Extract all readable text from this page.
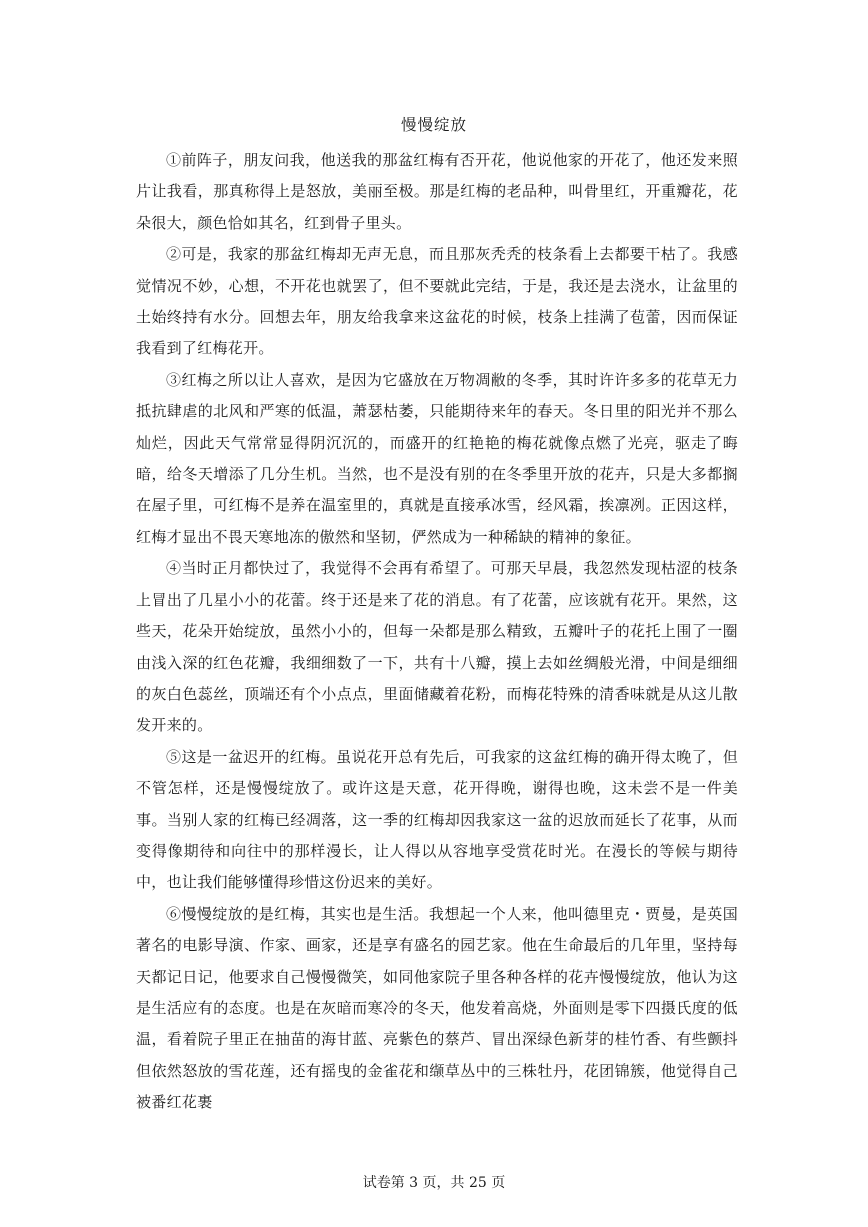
慢慢绽放

①前阵子，朋友问我，他送我的那盆红梅有否开花，他说他家的开花了，他还发来照片让我看，那真称得上是怒放，美丽至极。那是红梅的老品种，叫骨里红，开重瓣花，花朵很大，颜色恰如其名，红到骨子里头。

②可是，我家的那盆红梅却无声无息，而且那灰秃秃的枝条看上去都要干枯了。我感觉情况不妙，心想，不开花也就罢了，但不要就此完结，于是，我还是去浇水，让盆里的土始终持有水分。回想去年，朋友给我拿来这盆花的时候，枝条上挂满了苞蕾，因而保证我看到了红梅花开。

③红梅之所以让人喜欢，是因为它盛放在万物凋敝的冬季，其时许许多多的花草无力抵抗肆虐的北风和严寒的低温，萧瑟枯萎，只能期待来年的春天。冬日里的阳光并不那么灿烂，因此天气常常显得阴沉沉的，而盛开的红艳艳的梅花就像点燃了光亮，驱走了晦暗，给冬天增添了几分生机。当然，也不是没有别的在冬季里开放的花卉，只是大多都搁在屋子里，可红梅不是养在温室里的，真就是直接承冰雪，经风霜，挨凛冽。正因这样，红梅才显出不畏天寒地冻的傲然和坚韧，俨然成为一种稀缺的精神的象征。

④当时正月都快过了，我觉得不会再有希望了。可那天早晨，我忽然发现枯涩的枝条上冒出了几星小小的花蕾。终于还是来了花的消息。有了花蕾，应该就有花开。果然，这些天，花朵开始绽放，虽然小小的，但每一朵都是那么精致，五瓣叶子的花托上围了一圈由浅入深的红色花瓣，我细细数了一下，共有十八瓣，摸上去如丝绸般光滑，中间是细细的灰白色蕊丝，顶端还有个小点点，里面储藏着花粉，而梅花特殊的清香味就是从这儿散发开来的。

⑤这是一盆迟开的红梅。虽说花开总有先后，可我家的这盆红梅的确开得太晚了，但不管怎样，还是慢慢绽放了。或许这是天意，花开得晚，谢得也晚，这未尝不是一件美事。当别人家的红梅已经凋落，这一季的红梅却因我家这一盆的迟放而延长了花事，从而变得像期待和向往中的那样漫长，让人得以从容地享受赏花时光。在漫长的等候与期待中，也让我们能够懂得珍惜这份迟来的美好。

⑥慢慢绽放的是红梅，其实也是生活。我想起一个人来，他叫德里克・贾曼，是英国著名的电影导演、作家、画家，还是享有盛名的园艺家。他在生命最后的几年里，坚持每天都记日记，他要求自己慢慢微笑，如同他家院子里各种各样的花卉慢慢绽放，他认为这是生活应有的态度。也是在灰暗而寒冷的冬天，他发着高烧，外面则是零下四摄氏度的低温，看着院子里正在抽苗的海甘蓝、亮紫色的蔡芦、冒出深绿色新芽的桂竹香、有些颤抖但依然怒放的雪花莲，还有摇曳的金雀花和缬草丛中的三株牡丹，花团锦簇，他觉得自己被番红花裹

试卷第 3 页，共 25 页
